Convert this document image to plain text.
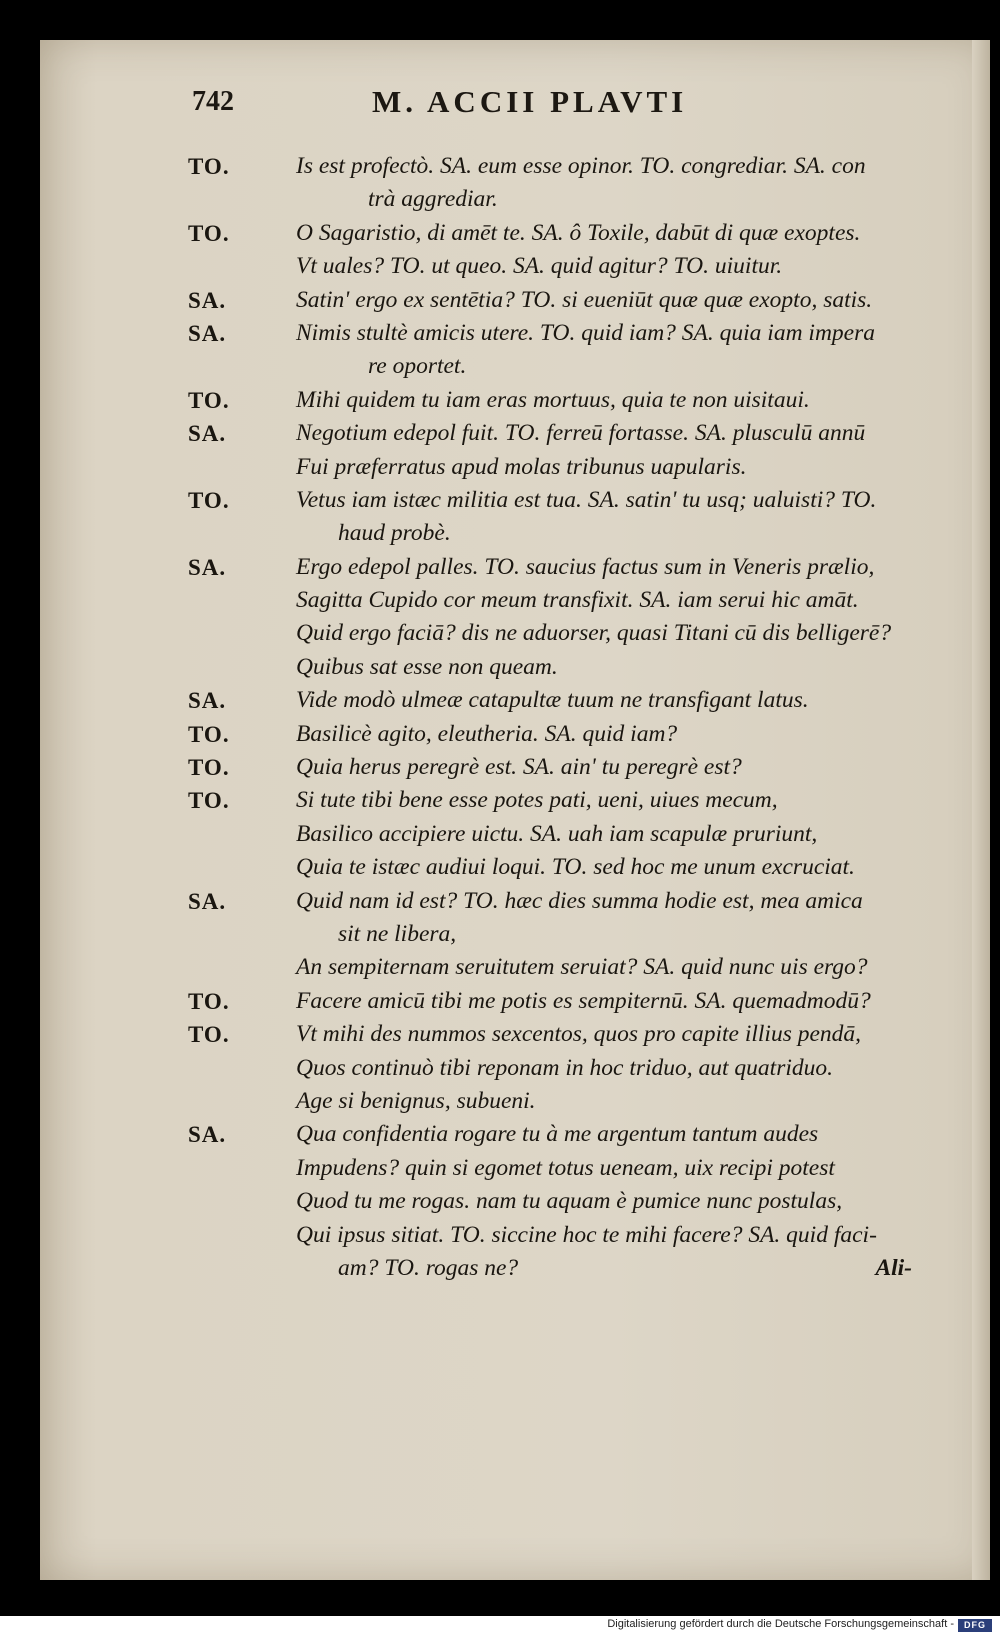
742	M. ACCII PLAVTI
TO.	Is est profectò. SA. eum esse opinor. TO. congrediar. SA. con
trà aggrediar.
TO.	O Sagaristio, di amēt te. SA. ô Toxile, dabūt di quæ exoptes.
Vt uales? TO. ut queo. SA. quid agitur? TO. uiuitur.
SA.	Satin' ergo ex sentētia? TO. si eueniūt quæ quæ exopto, satis.
SA.	Nimis stultè amicis utere. TO. quid iam? SA. quia iam impera
re oportet.
TO.	Mihi quidem tu iam eras mortuus, quia te non uisitaui.
SA.	Negotium edepol fuit. TO. ferreū fortasse. SA. plusculū annū
Fui præferratus apud molas tribunus uapularis.
TO.	Vetus iam istæc militia est tua. SA. satin' tu usq; ualuisti? TO.
haud probè.
SA.	Ergo edepol palles. TO. saucius factus sum in Veneris prælio,
Sagitta Cupido cor meum transfixit. SA. iam serui hic amāt.
Quid ergo faciā? dis ne aduorser, quasi Titani cū dis belligerē?
Quibus sat esse non queam.
SA.	Vide modò ulmeæ catapultæ tuum ne transfigant latus.
TO.	Basilicè agito, eleutheria. SA. quid iam?
TO.	Quia herus peregrè est. SA. ain' tu peregrè est?
TO.	Si tute tibi bene esse potes pati, ueni, uiues mecum,
Basilico accipiere uictu. SA. uah iam scapulæ pruriunt,
Quia te istæc audiui loqui. TO. sed hoc me unum excruciat.
SA.	Quid nam id est? TO. hæc dies summa hodie est, mea amica
sit ne libera,
An sempiternam seruitutem seruiat? SA. quid nunc uis ergo?
TO.	Facere amicū tibi me potis es sempiternū. SA. quemadmodū?
TO.	Vt mihi des nummos sexcentos, quos pro capite illius pendā,
Quos continuò tibi reponam in hoc triduo, aut quatriduo.
Age si benignus, subueni.
SA.	Qua confidentia rogare tu à me argentum tantum audes
Impudens? quin si egomet totus ueneam, uix recipi potest
Quod tu me rogas. nam tu aquam è pumice nunc postulas,
Qui ipsus sitiat. TO. siccine hoc te mihi facere? SA. quid faci-
am? TO. rogas ne?	Ali-
Digitalisierung gefördert durch die Deutsche Forschungsgemeinschaft -	DFG
